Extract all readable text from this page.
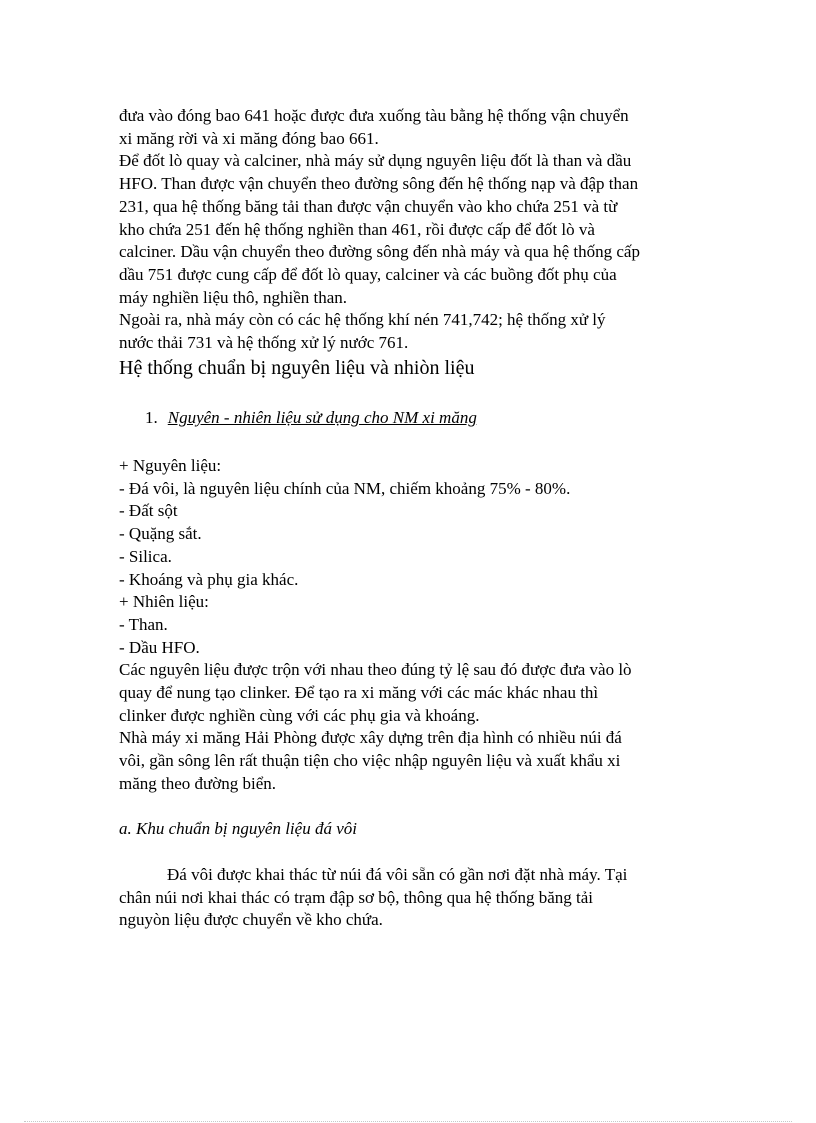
đưa vào đóng bao 641 hoặc được đưa xuống tàu bằng hệ thống vận chuyển
xi măng rời và xi măng đóng bao 661.
Để đốt lò quay và calciner, nhà máy sử dụng nguyên liệu đốt là than và dầu
HFO. Than được vận chuyển theo đường sông đến hệ thống nạp và đập than
231, qua hệ thống băng tải than được vận chuyển vào kho chứa 251 và từ
kho chứa 251 đến hệ thống nghiền than 461, rồi được cấp để đốt lò và
calciner. Dầu vận chuyển theo đường sông đến nhà máy và qua hệ thống cấp
dầu 751 được cung cấp để đốt lò quay, calciner và các buồng đốt phụ của
máy nghiền liệu thô, nghiền than.
Ngoài ra, nhà máy còn có các hệ thống khí nén 741,742; hệ thống xử lý
nước thải 731 và hệ thống xử lý nước 761.
Hệ thống chuẩn bị nguyên liệu và nhiòn liệu
1. Nguyên - nhiên liệu sử dụng cho NM xi măng
+ Nguyên liệu:
- Đá vôi, là nguyên liệu chính của NM, chiếm khoảng 75% - 80%.
- Đất sột
- Quặng sắt.
- Silica.
- Khoáng và phụ gia khác.
+ Nhiên liệu:
- Than.
- Dầu HFO.
Các nguyên liệu được trộn với nhau theo đúng tỷ lệ sau đó được đưa vào lò
quay để nung tạo clinker. Để tạo ra xi măng với các mác khác nhau thì
clinker được nghiền cùng với các phụ gia và khoáng.
Nhà máy xi măng Hải Phòng được xây dựng trên địa hình có nhiều núi đá
vôi, gần sông lên rất thuận tiện cho việc nhập nguyên liệu và xuất khẩu xi
măng theo đường biển.
a. Khu chuẩn bị nguyên liệu đá vôi
Đá vôi được khai thác từ núi đá vôi sẵn có gần nơi đặt nhà máy. Tại
chân núi nơi khai thác có trạm đập sơ bộ, thông qua hệ thống băng tải
nguyòn liệu được chuyển về kho chứa.
